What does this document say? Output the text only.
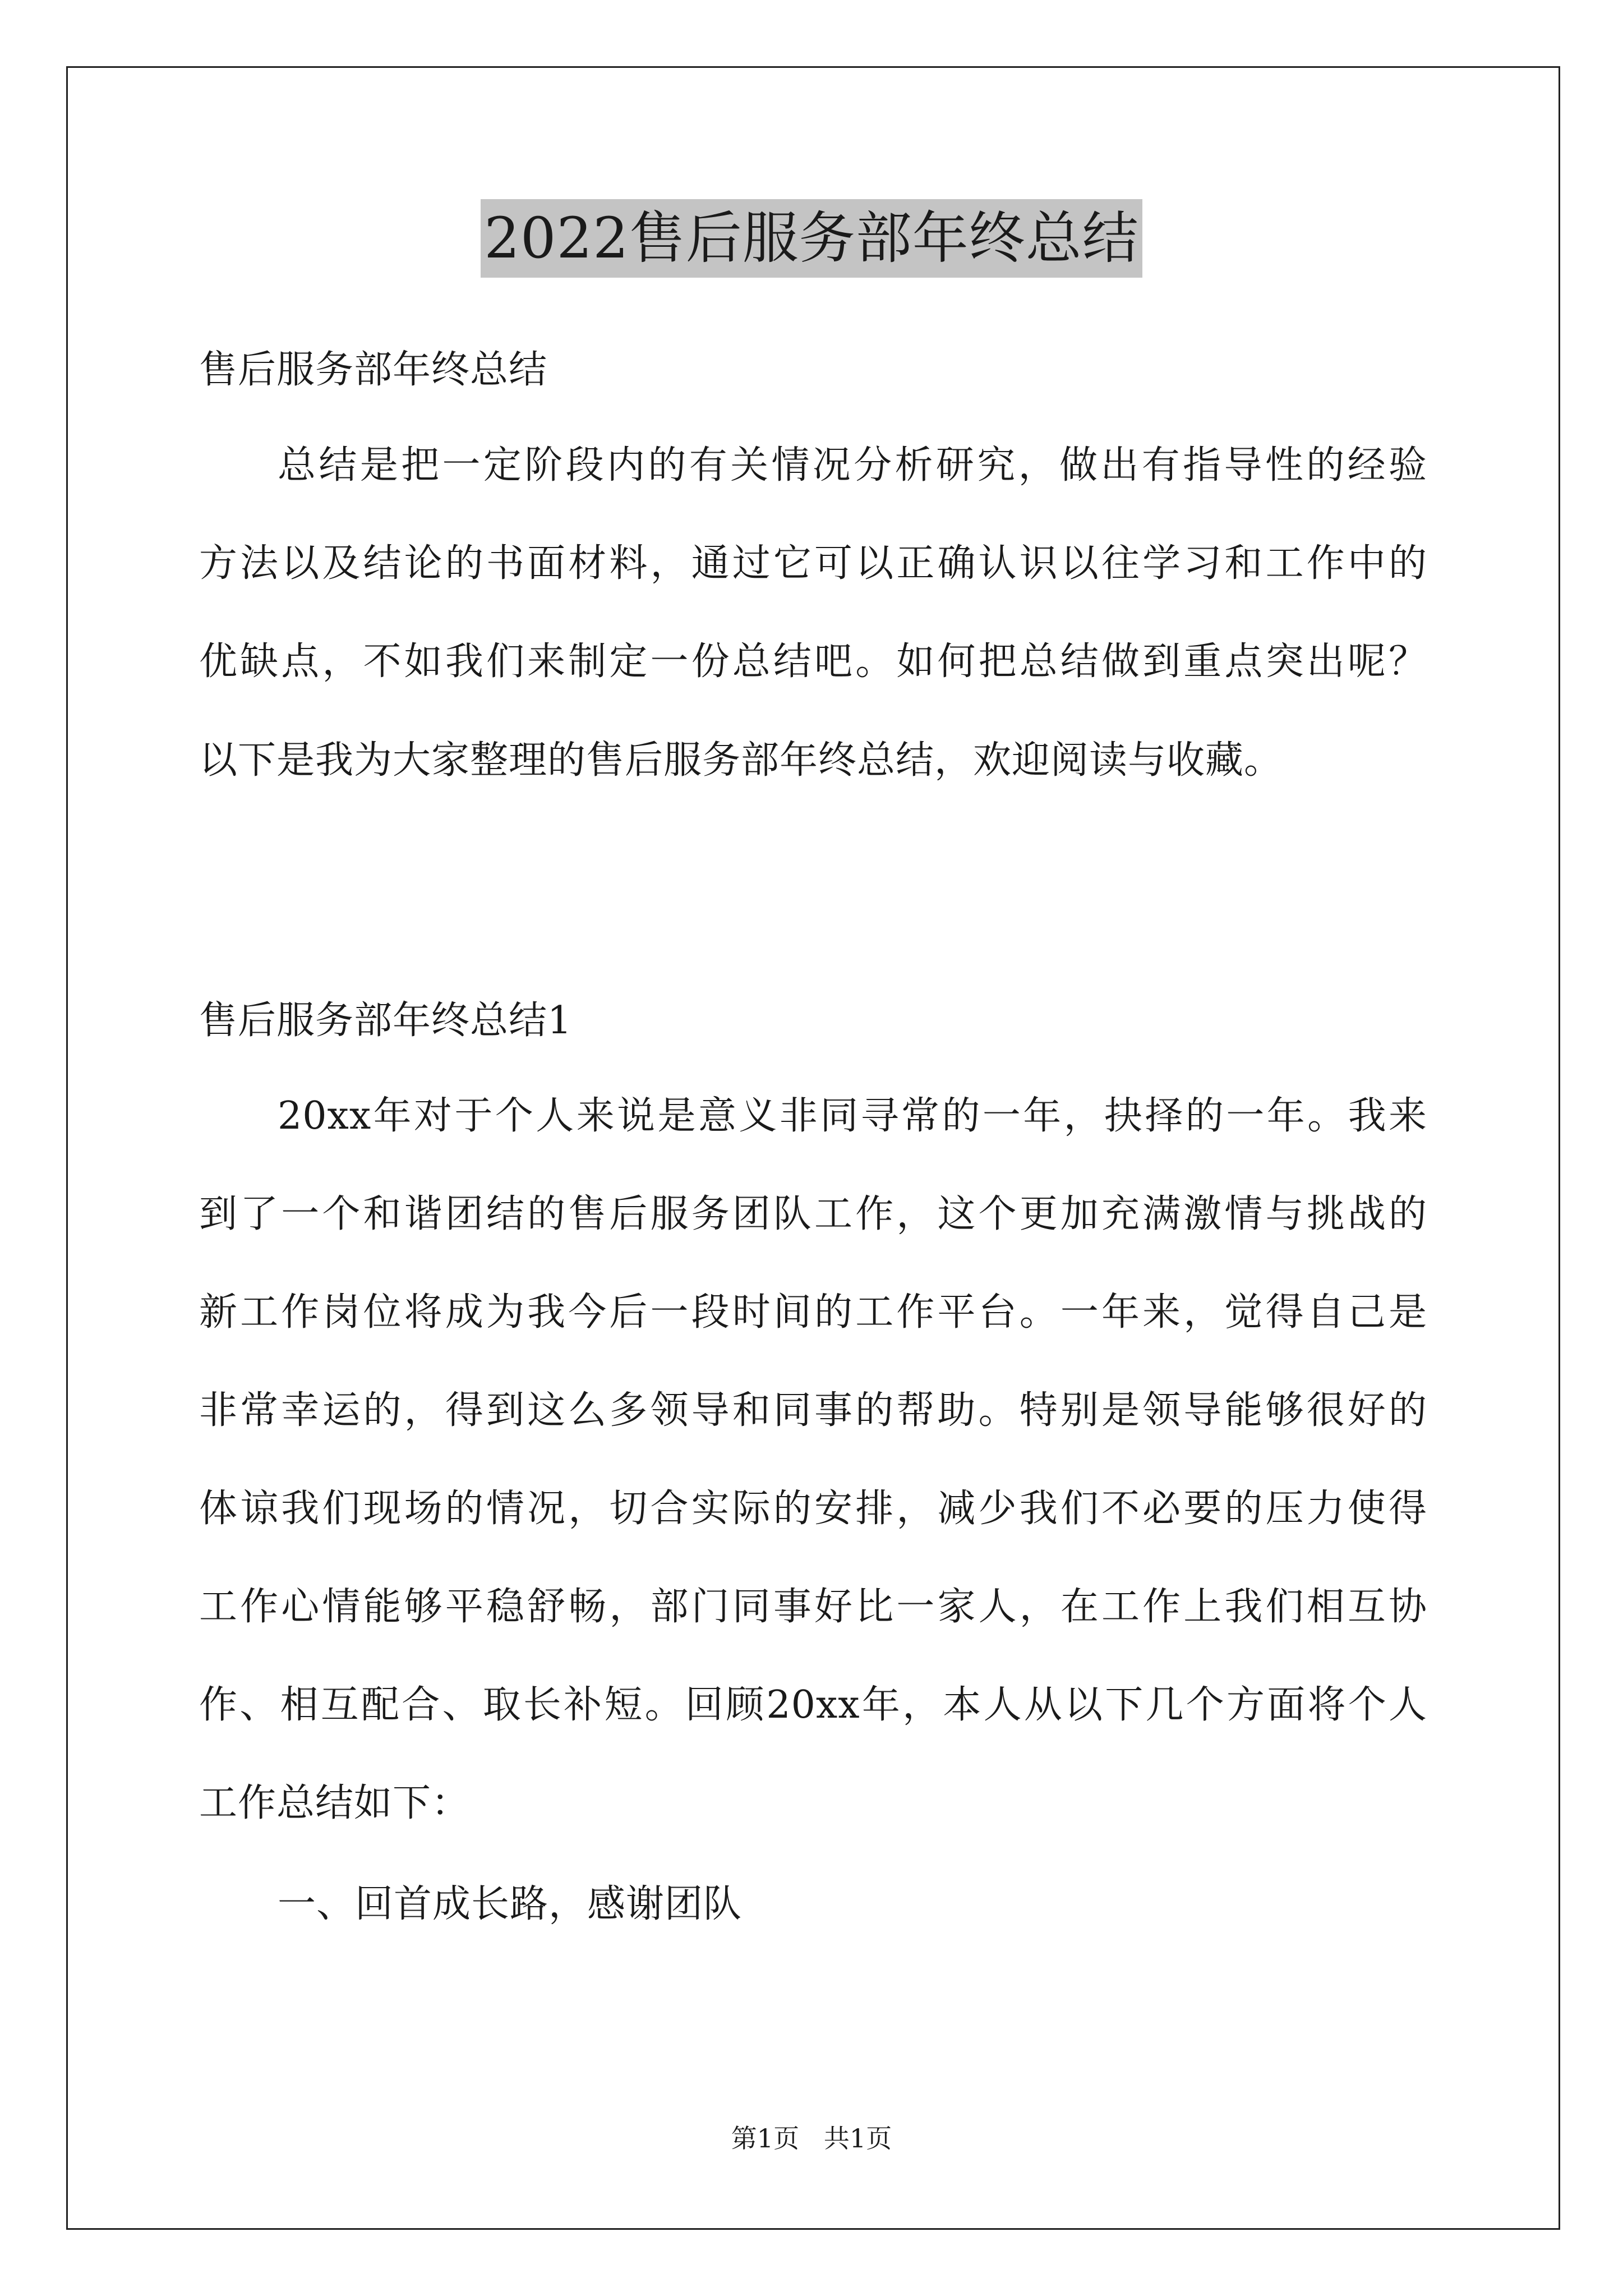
2022售后服务部年终总结
售后服务部年终总结
总结是把一定阶段内的有关情况分析研究，做出有指导性的经验
方法以及结论的书面材料，通过它可以正确认识以往学习和工作中的
优缺点，不如我们来制定一份总结吧。如何把总结做到重点突出呢？
以下是我为大家整理的售后服务部年终总结，欢迎阅读与收藏。
售后服务部年终总结1
20xx年对于个人来说是意义非同寻常的一年，抉择的一年。我来
到了一个和谐团结的售后服务团队工作，这个更加充满激情与挑战的
新工作岗位将成为我今后一段时间的工作平台。一年来，觉得自己是
非常幸运的，得到这么多领导和同事的帮助。特别是领导能够很好的
体谅我们现场的情况，切合实际的安排，减少我们不必要的压力使得
工作心情能够平稳舒畅，部门同事好比一家人，在工作上我们相互协
作、相互配合、取长补短。回顾20xx年，本人从以下几个方面将个人
工作总结如下：
一、回首成长路，感谢团队
第1页   共1页
